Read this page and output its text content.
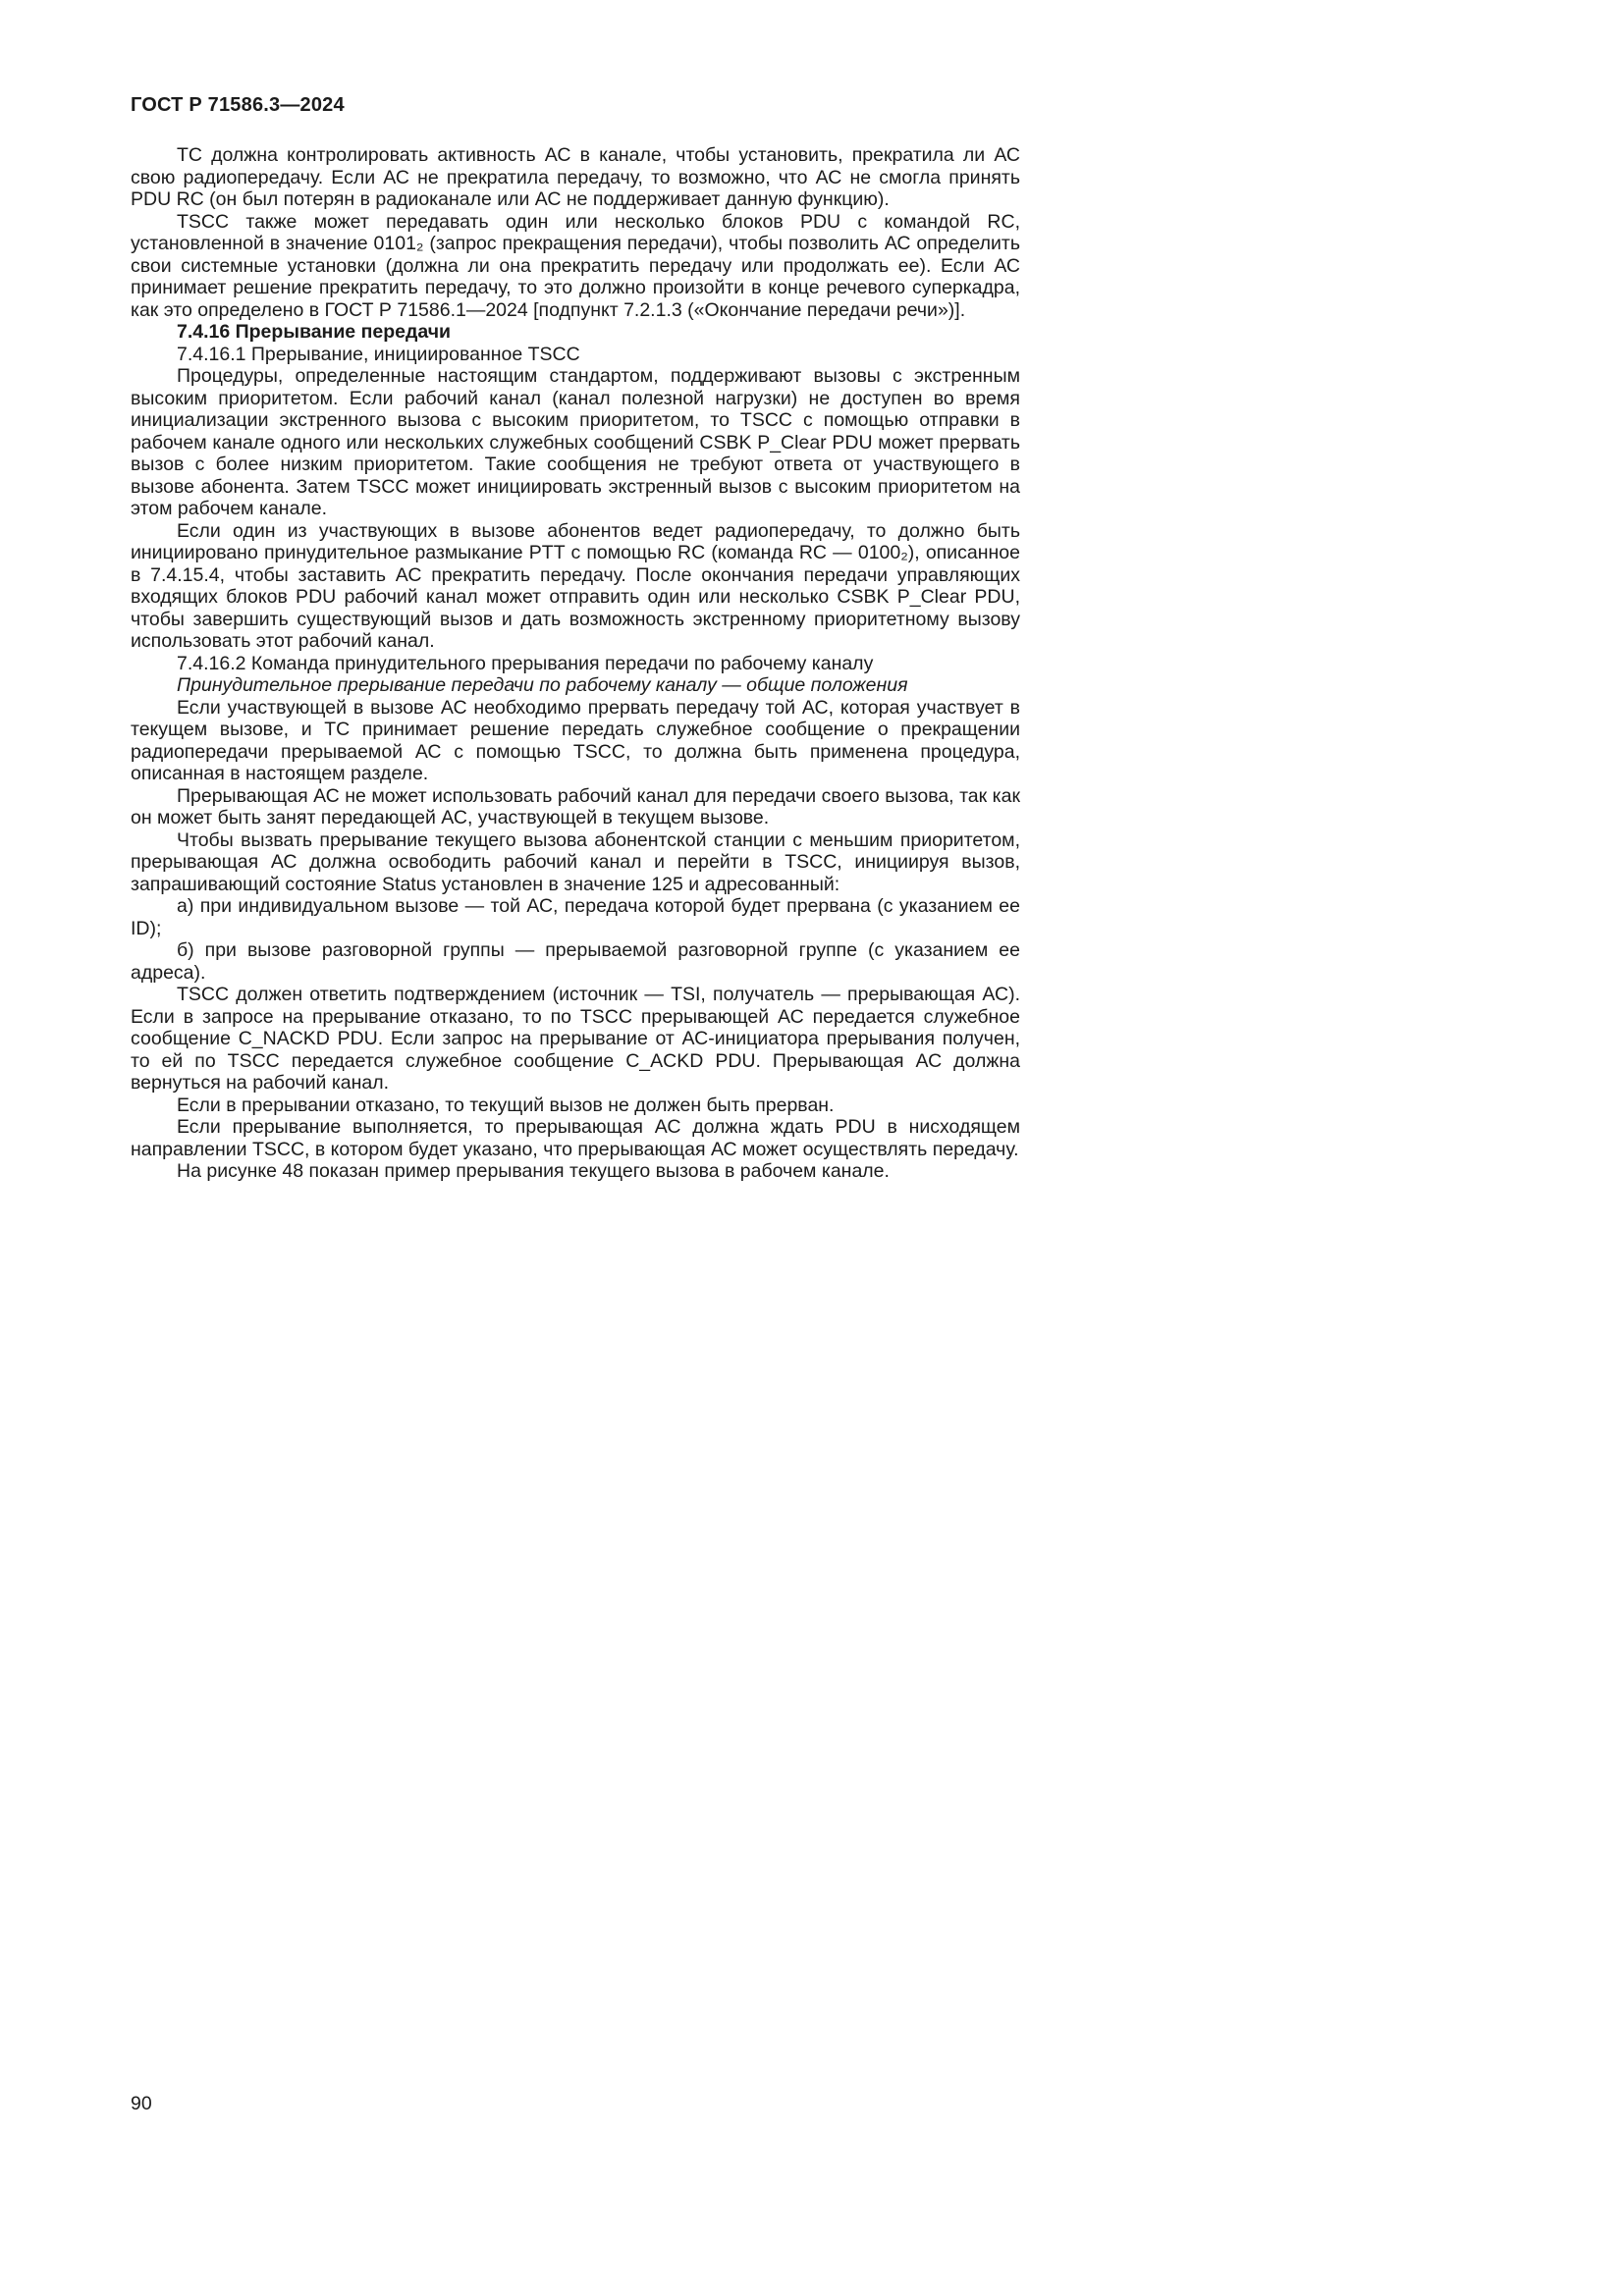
ГОСТ Р 71586.3—2024

ТС должна контролировать активность АС в канале, чтобы установить, прекратила ли АС свою радиопередачу. Если АС не прекратила передачу, то возможно, что АС не смогла принять PDU RC (он был потерян в радиоканале или АС не поддерживает данную функцию).

TSCC также может передавать один или несколько блоков PDU с командой RC, установленной в значение 0101₂ (запрос прекращения передачи), чтобы позволить АС определить свои системные установки (должна ли она прекратить передачу или продолжать ее). Если АС принимает решение прекратить передачу, то это должно произойти в конце речевого суперкадра, как это определено в ГОСТ Р 71586.1—2024 [подпункт 7.2.1.3 («Окончание передачи речи»)].

7.4.16 Прерывание передачи

7.4.16.1 Прерывание, инициированное TSCC

Процедуры, определенные настоящим стандартом, поддерживают вызовы с экстренным высоким приоритетом. Если рабочий канал (канал полезной нагрузки) не доступен во время инициализации экстренного вызова с высоким приоритетом, то TSCC с помощью отправки в рабочем канале одного или нескольких служебных сообщений CSBK P_Clear PDU может прервать вызов с более низким приоритетом. Такие сообщения не требуют ответа от участвующего в вызове абонента. Затем TSCC может инициировать экстренный вызов с высоким приоритетом на этом рабочем канале.

Если один из участвующих в вызове абонентов ведет радиопередачу, то должно быть инициировано принудительное размыкание PTT с помощью RC (команда RC — 0100₂), описанное в 7.4.15.4, чтобы заставить АС прекратить передачу. После окончания передачи управляющих входящих блоков PDU рабочий канал может отправить один или несколько CSBK P_Clear PDU, чтобы завершить существующий вызов и дать возможность экстренному приоритетному вызову использовать этот рабочий канал.

7.4.16.2 Команда принудительного прерывания передачи по рабочему каналу

Принудительное прерывание передачи по рабочему каналу — общие положения

Если участвующей в вызове АС необходимо прервать передачу той АС, которая участвует в текущем вызове, и ТС принимает решение передать служебное сообщение о прекращении радиопередачи прерываемой АС с помощью TSCC, то должна быть применена процедура, описанная в настоящем разделе.

Прерывающая АС не может использовать рабочий канал для передачи своего вызова, так как он может быть занят передающей АС, участвующей в текущем вызове.

Чтобы вызвать прерывание текущего вызова абонентской станции с меньшим приоритетом, прерывающая АС должна освободить рабочий канал и перейти в TSCC, инициируя вызов, запрашивающий состояние Status установлен в значение 125 и адресованный:

а) при индивидуальном вызове — той АС, передача которой будет прервана (с указанием ее ID);

б) при вызове разговорной группы — прерываемой разговорной группе (с указанием ее адреса).

TSCC должен ответить подтверждением (источник — TSI, получатель — прерывающая АС). Если в запросе на прерывание отказано, то по TSCC прерывающей АС передается служебное сообщение C_NACKD PDU. Если запрос на прерывание от АС-инициатора прерывания получен, то ей по TSCC передается служебное сообщение C_ACKD PDU. Прерывающая АС должна вернуться на рабочий канал.

Если в прерывании отказано, то текущий вызов не должен быть прерван.

Если прерывание выполняется, то прерывающая АС должна ждать PDU в нисходящем направлении TSCC, в котором будет указано, что прерывающая АС может осуществлять передачу.

На рисунке 48 показан пример прерывания текущего вызова в рабочем канале.

90
